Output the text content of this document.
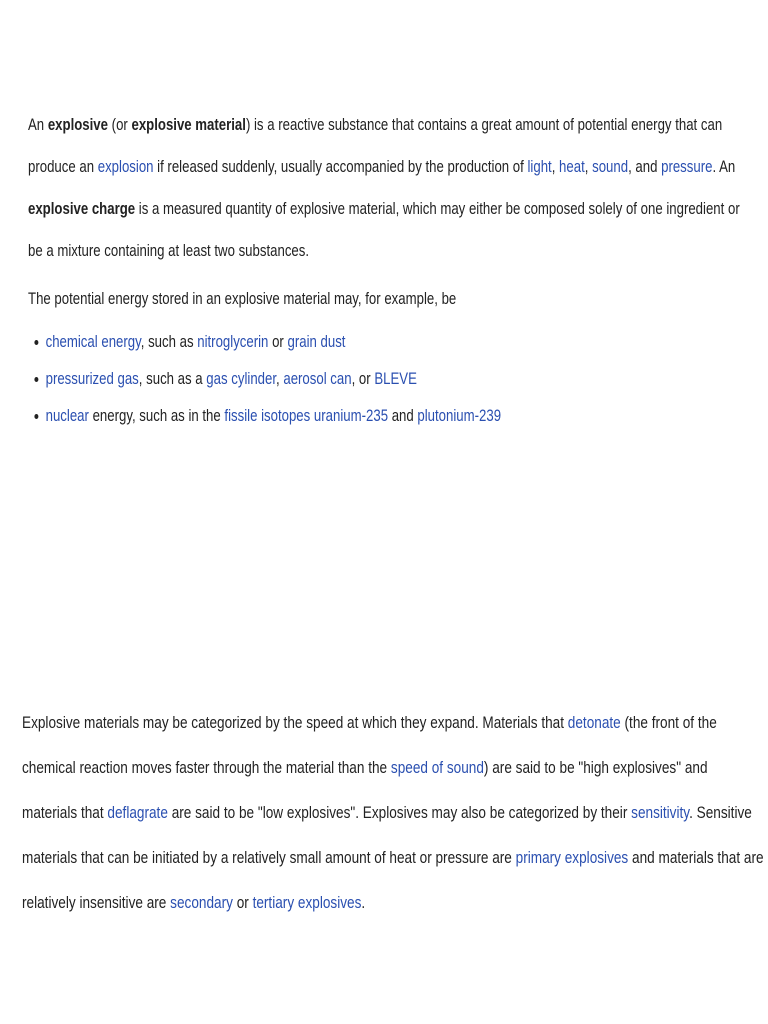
An explosive (or explosive material) is a reactive substance that contains a great amount of potential energy that can produce an explosion if released suddenly, usually accompanied by the production of light, heat, sound, and pressure. An explosive charge is a measured quantity of explosive material, which may either be composed solely of one ingredient or be a mixture containing at least two substances.

The potential energy stored in an explosive material may, for example, be

chemical energy, such as nitroglycerin or grain dust
pressurized gas, such as a gas cylinder, aerosol can, or BLEVE
nuclear energy, such as in the fissile isotopes uranium-235 and plutonium-239

Explosive materials may be categorized by the speed at which they expand. Materials that detonate (the front of the chemical reaction moves faster through the material than the speed of sound) are said to be "high explosives" and materials that deflagrate are said to be "low explosives". Explosives may also be categorized by their sensitivity. Sensitive materials that can be initiated by a relatively small amount of heat or pressure are primary explosives and materials that are relatively insensitive are secondary or tertiary explosives.
